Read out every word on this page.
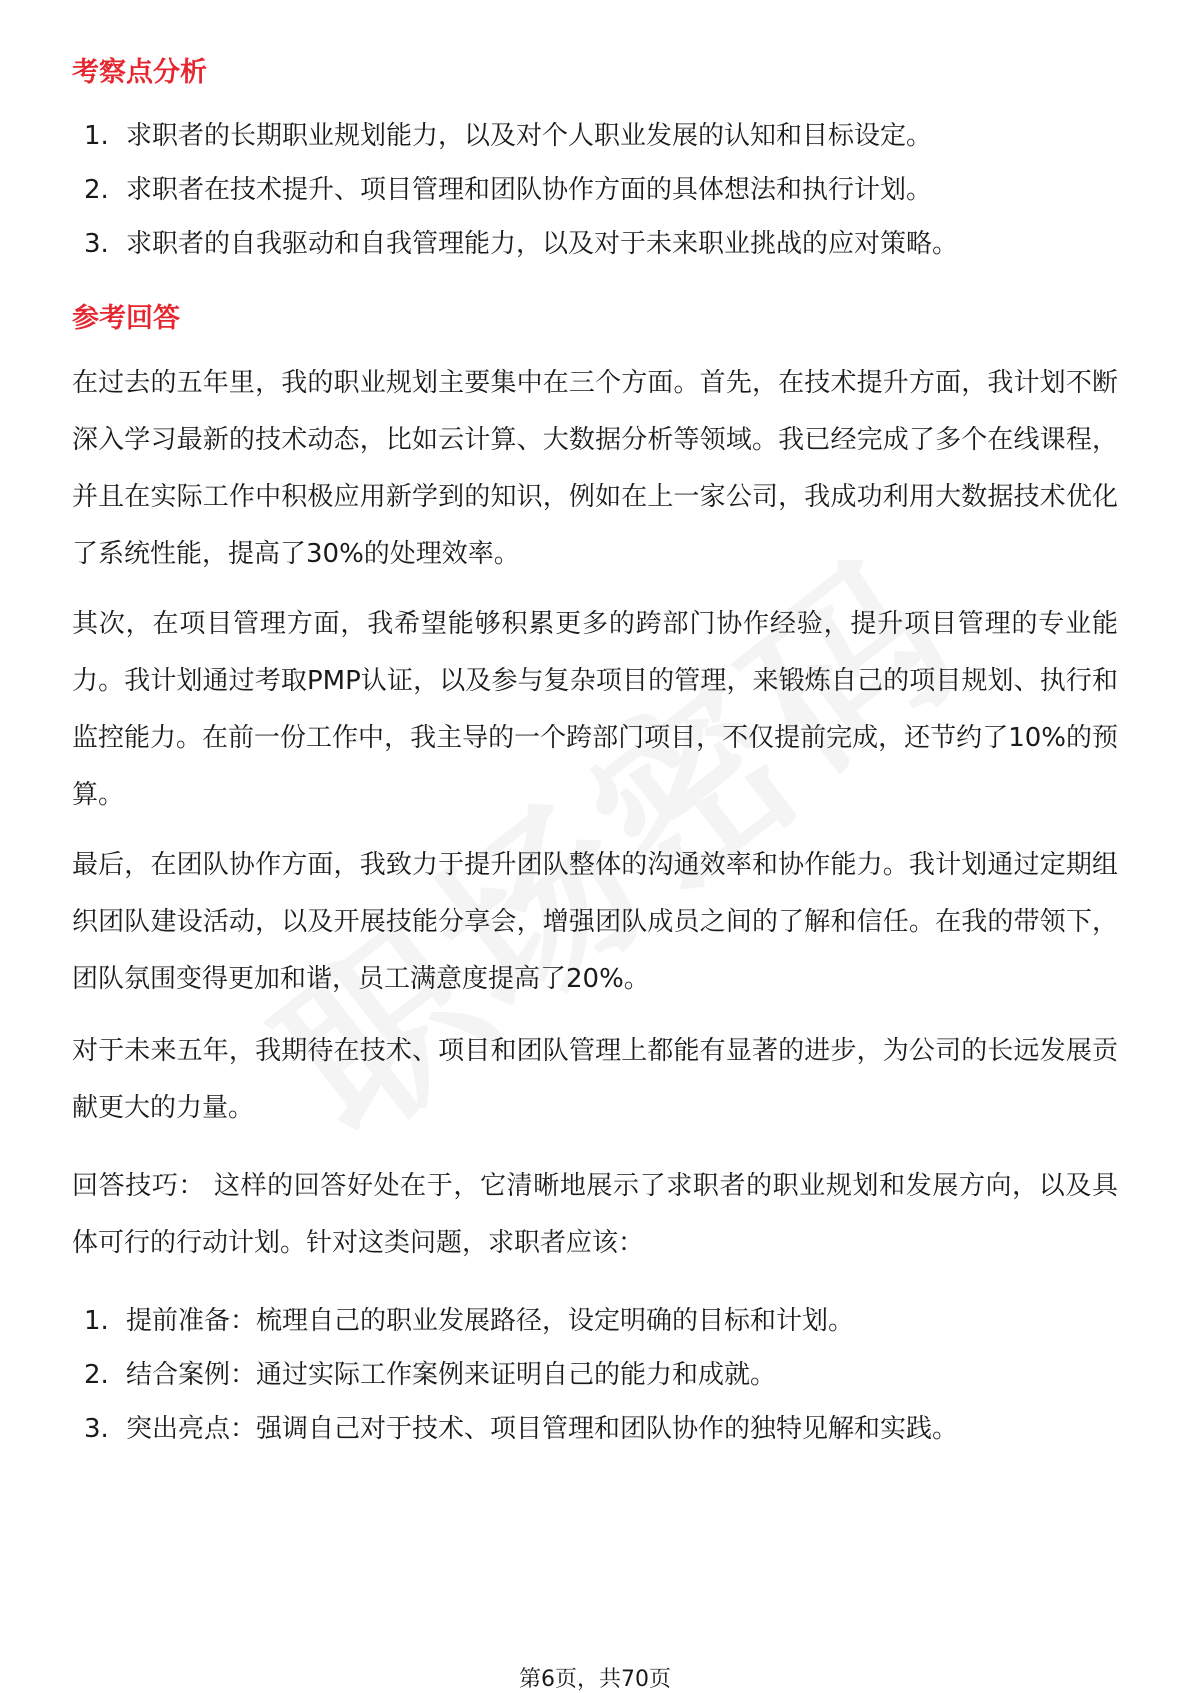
考察点分析
1. 求职者的长期职业规划能力，以及对个人职业发展的认知和目标设定。
2. 求职者在技术提升、项目管理和团队协作方面的具体想法和执行计划。
3. 求职者的自我驱动和自我管理能力，以及对于未来职业挑战的应对策略。
参考回答
在过去的五年里，我的职业规划主要集中在三个方面。首先，在技术提升方面，我计划不断深入学习最新的技术动态，比如云计算、大数据分析等领域。我已经完成了多个在线课程，并且在实际工作中积极应用新学到的知识，例如在上一家公司，我成功利用大数据技术优化了系统性能，提高了30%的处理效率。
其次，在项目管理方面，我希望能够积累更多的跨部门协作经验，提升项目管理的专业能力。我计划通过考取PMP认证，以及参与复杂项目的管理，来锻炼自己的项目规划、执行和监控能力。在前一份工作中，我主导的一个跨部门项目，不仅提前完成，还节约了10%的预算。
最后，在团队协作方面，我致力于提升团队整体的沟通效率和协作能力。我计划通过定期组织团队建设活动，以及开展技能分享会，增强团队成员之间的了解和信任。在我的带领下，团队氛围变得更加和谐，员工满意度提高了20%。
对于未来五年，我期待在技术、项目和团队管理上都能有显著的进步，为公司的长远发展贡献更大的力量。
回答技巧： 这样的回答好处在于，它清晰地展示了求职者的职业规划和发展方向，以及具体可行的行动计划。针对这类问题，求职者应该：
1. 提前准备：梳理自己的职业发展路径，设定明确的目标和计划。
2. 结合案例：通过实际工作案例来证明自己的能力和成就。
3. 突出亮点：强调自己对于技术、项目管理和团队协作的独特见解和实践。
第6页，共70页
